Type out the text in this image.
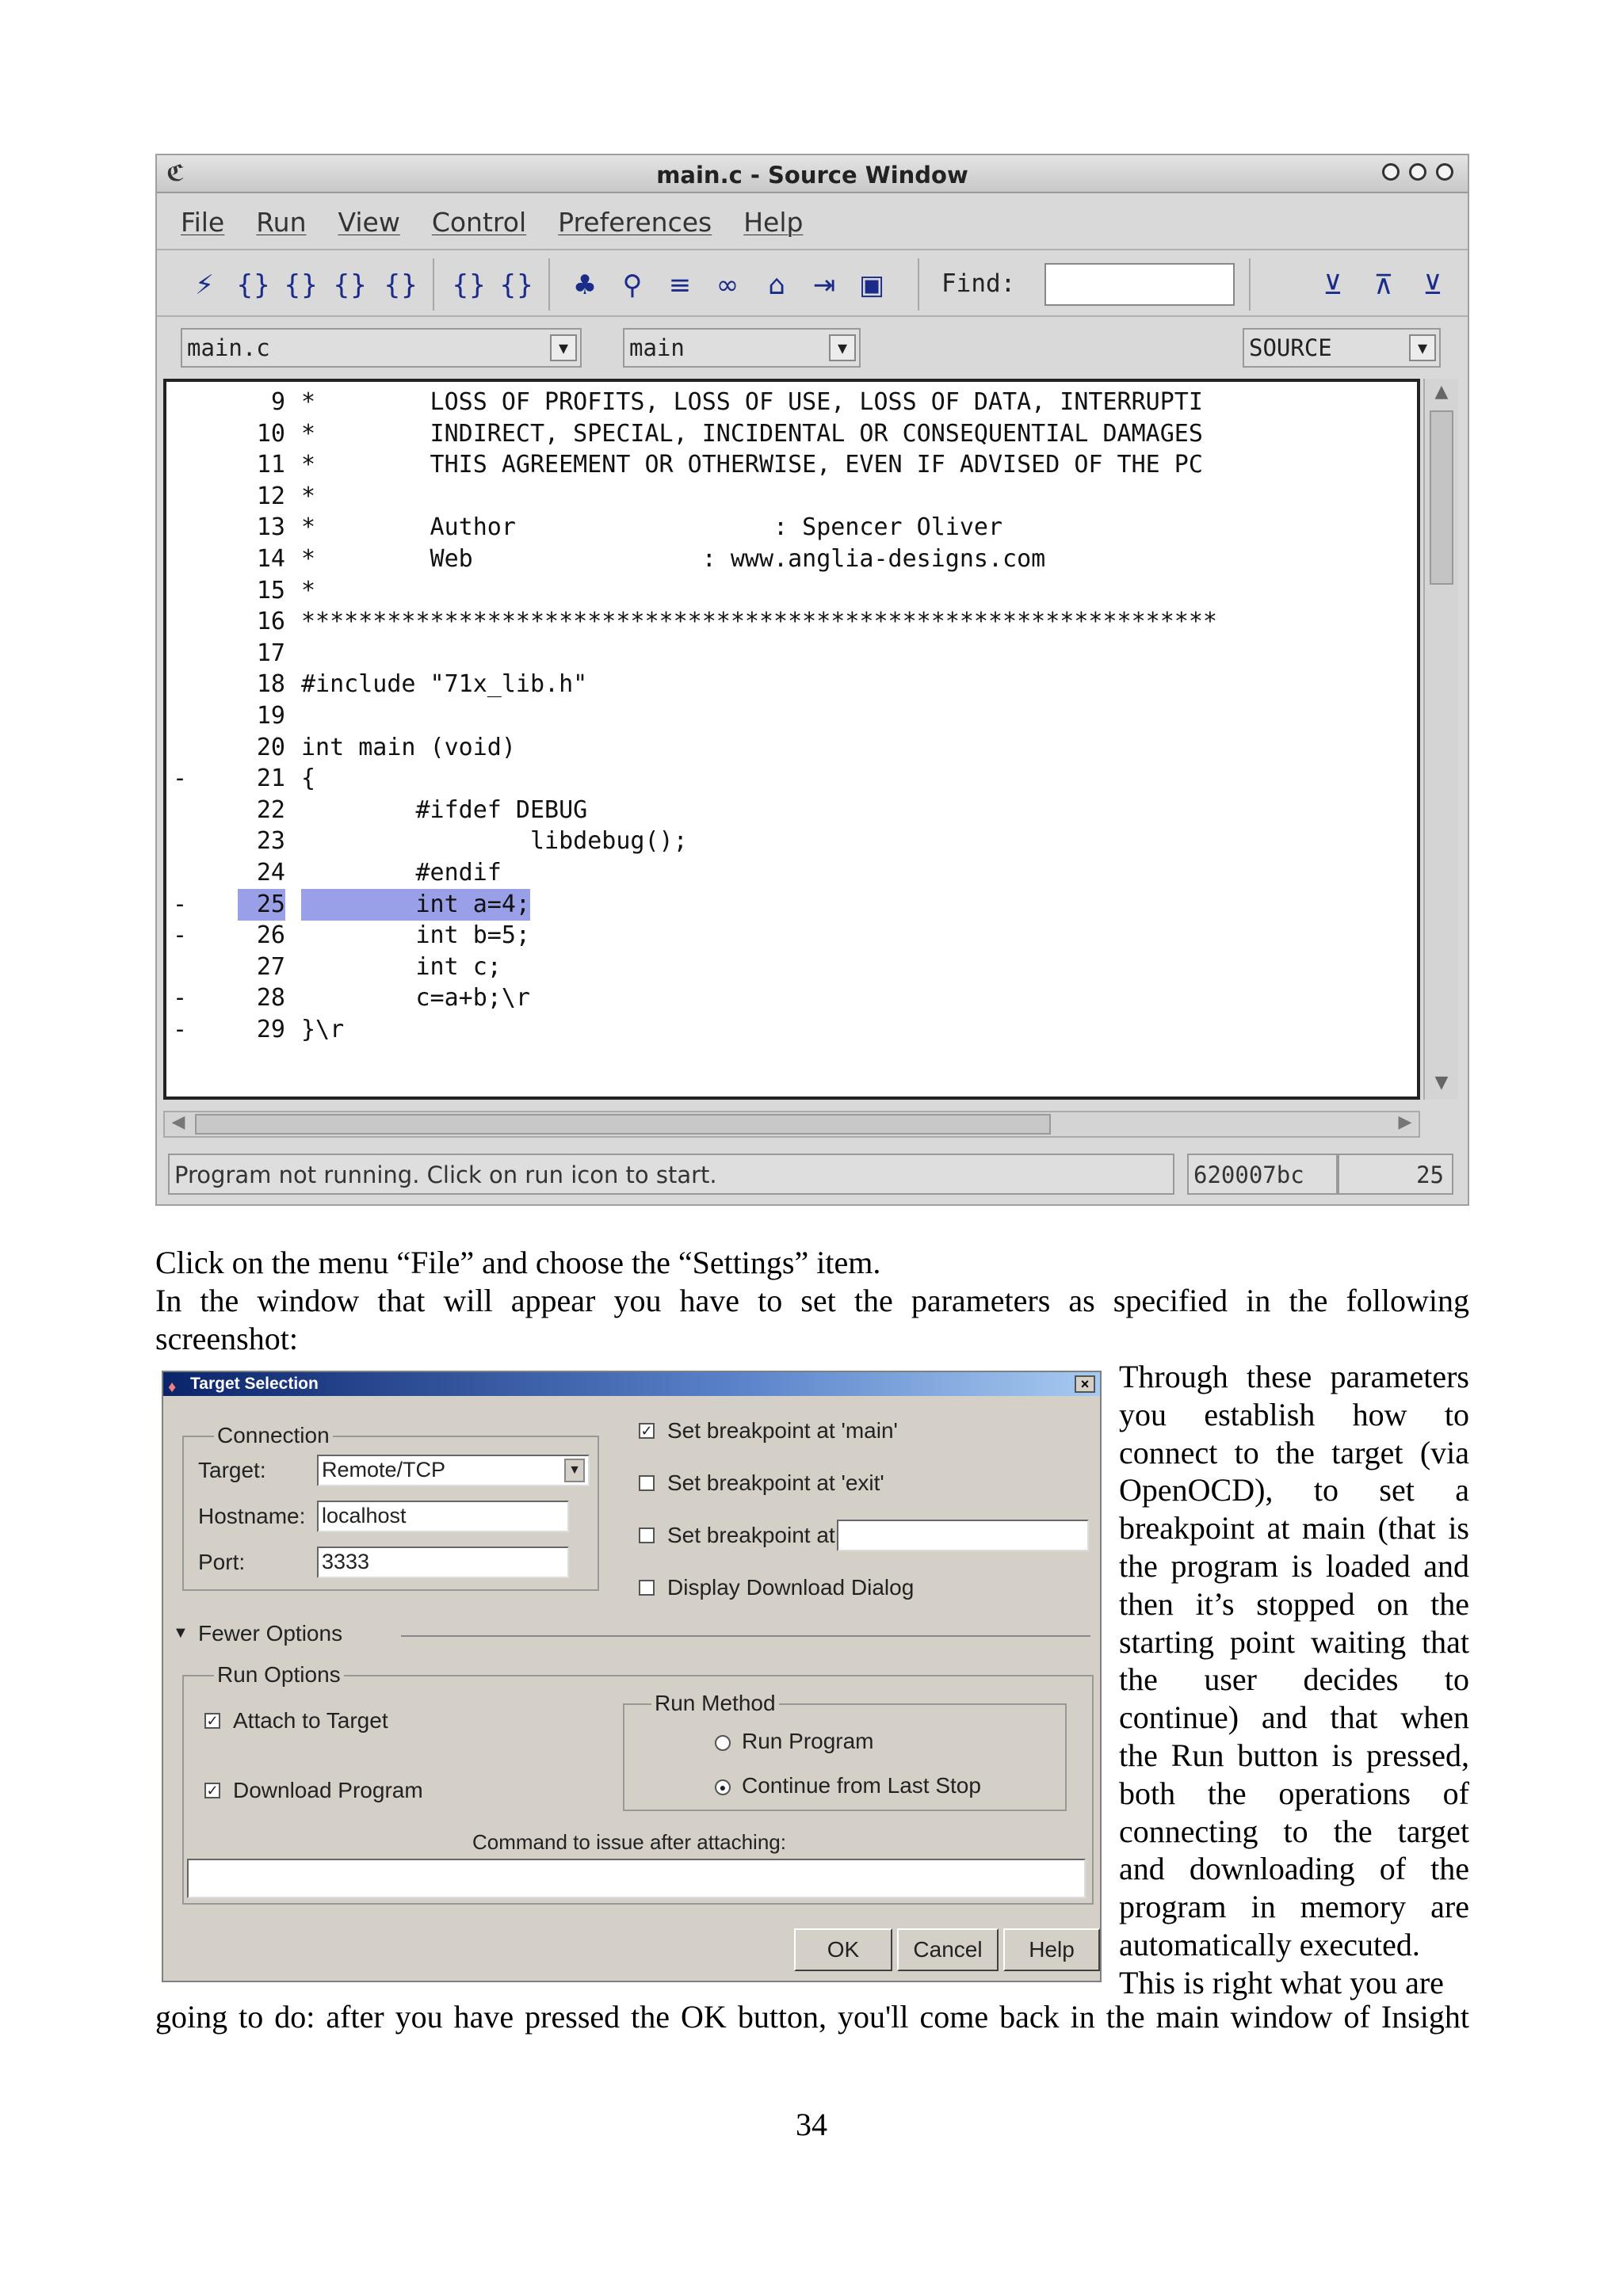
ℭ	main.c - Source Window
File Run View Control Preferences Help
⚡ {} {} {} {} {} {} ♣ ⚲ ≡ ∞ ⌂ ⇥ ▣ Find:	⊻ ⊼ ⊻
main.c	▼	main	▼	SOURCE	▼
9 *        LOSS OF PROFITS, LOSS OF USE, LOSS OF DATA, INTERRUPTI
10 *        INDIRECT, SPECIAL, INCIDENTAL OR CONSEQUENTIAL DAMAGES
11 *        THIS AGREEMENT OR OTHERWISE, EVEN IF ADVISED OF THE PC
12 *
13 *        Author                  : Spencer Oliver
14 *        Web                : www.anglia-designs.com
15 *
16 ****************************************************************
17
18 #include "71x_lib.h"
19
20 int main (void)
-	21 {
22 #ifdef DEBUG
23 libdebug();
24 #endif
-	25 int a=4;
-	26 int b=5;
27 int c;
-	28 c=a+b;\r
-	29 }\r
▲
▼
◀	▶
Program not running. Click on run icon to start.	620007bc	25
Click on the menu “File” and choose the “Settings” item.
In the window that will appear you have to set the parameters as specified in the following
screenshot:
♦ Target Selection	×
Connection
Target:	Remote/TCP	▼
Hostname: localhost
Port:	3333
✓ Set breakpoint at 'main'
Set breakpoint at 'exit'
Set breakpoint at
Display Download Dialog
▼ Fewer Options
Run Options
✓ Attach to Target
✓ Download Program
Run Method
Run Program
● Continue from Last Stop
Command to issue after attaching:
OK	Cancel	Help
Through these parameters
you establish how to
connect to the target (via
OpenOCD), to set a
breakpoint at main (that is
the program is loaded and
then it’s stopped on the
starting point waiting that
the user decides to
continue) and that when
the Run button is pressed,
both the operations of
connecting to the target
and downloading of the
program in memory are
automatically executed.
This is right what you are
going to do: after you have pressed the OK button, you'll come back in the main window of Insight
34
